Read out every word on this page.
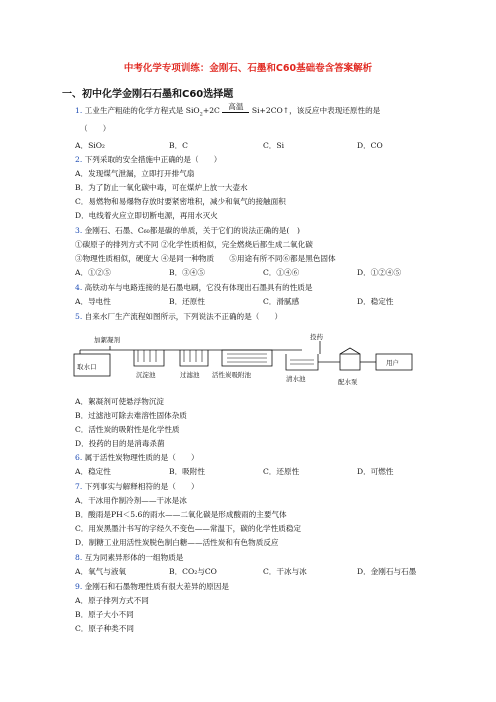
中考化学专项训练：金刚石、石墨和C60基础卷含答案解析
一、初中化学金刚石石墨和C60选择题
1. 工业生产粗硅的化学方程式是 SiO$_2$+2C 高温 Si+2CO↑，该反应中表现还原性的是
（　　）
A．SiO₂	B．C	C．Si	D．CO
2. 下列采取的安全措施中正确的是（　　）
A．发现煤气泄漏，立即打开排气扇
B．为了防止一氧化碳中毒，可在煤炉上放一大壶水
C．易燃物和易爆物存放时要紧密堆积，减少和氧气的接触面积
D．电线着火应立即切断电源，再用水灭火
3. 金刚石、石墨、C₆₀都是碳的单质，关于它们的说法正确的是(　)
①碳原子的排列方式不同 ②化学性质相似，完全燃烧后都生成二氧化碳
③物理性质相似，硬度大 ④是同一种物质　　⑤用途有所不同⑥都是黑色固体
A．①②⑤	B．③④⑤	C．①④⑥	D．①②④⑤
4. 高铁动车与电路连接的是石墨电刷，它没有体现出石墨具有的性质是
A．导电性	B．还原性	C．滑腻感	D．稳定性
5. 自来水厂生产流程如图所示，下列说法不正确的是（　　）
取水口
加絮凝剂
沉淀池	过滤池 活性炭吸附池	清水池
投药
配水泵
用户
A．絮凝剂可使悬浮物沉淀
B．过滤池可除去难溶性固体杂质
C．活性炭的吸附性是化学性质
D．投药的目的是消毒杀菌
6. 属于活性炭物理性质的是（　　）
A．稳定性	B．吸附性	C．还原性	D．可燃性
7. 下列事实与解释相符的是（　　）
A．干冰用作制冷剂——干冰是冰
B．酸雨是PH＜5.6的雨水——二氧化碳是形成酸雨的主要气体
C．用炭黑墨汁书写的字经久不变色——常温下，碳的化学性质稳定
D．制糖工业用活性炭脱色制白糖——活性炭和有色物质反应
8. 互为同素异形体的一组物质是
A．氧气与液氧	B．CO₂与CO	C．干冰与冰	D．金刚石与石墨
9. 金刚石和石墨物理性质有很大差异的原因是
A．原子排列方式不同
B．原子大小不同
C．原子种类不同
